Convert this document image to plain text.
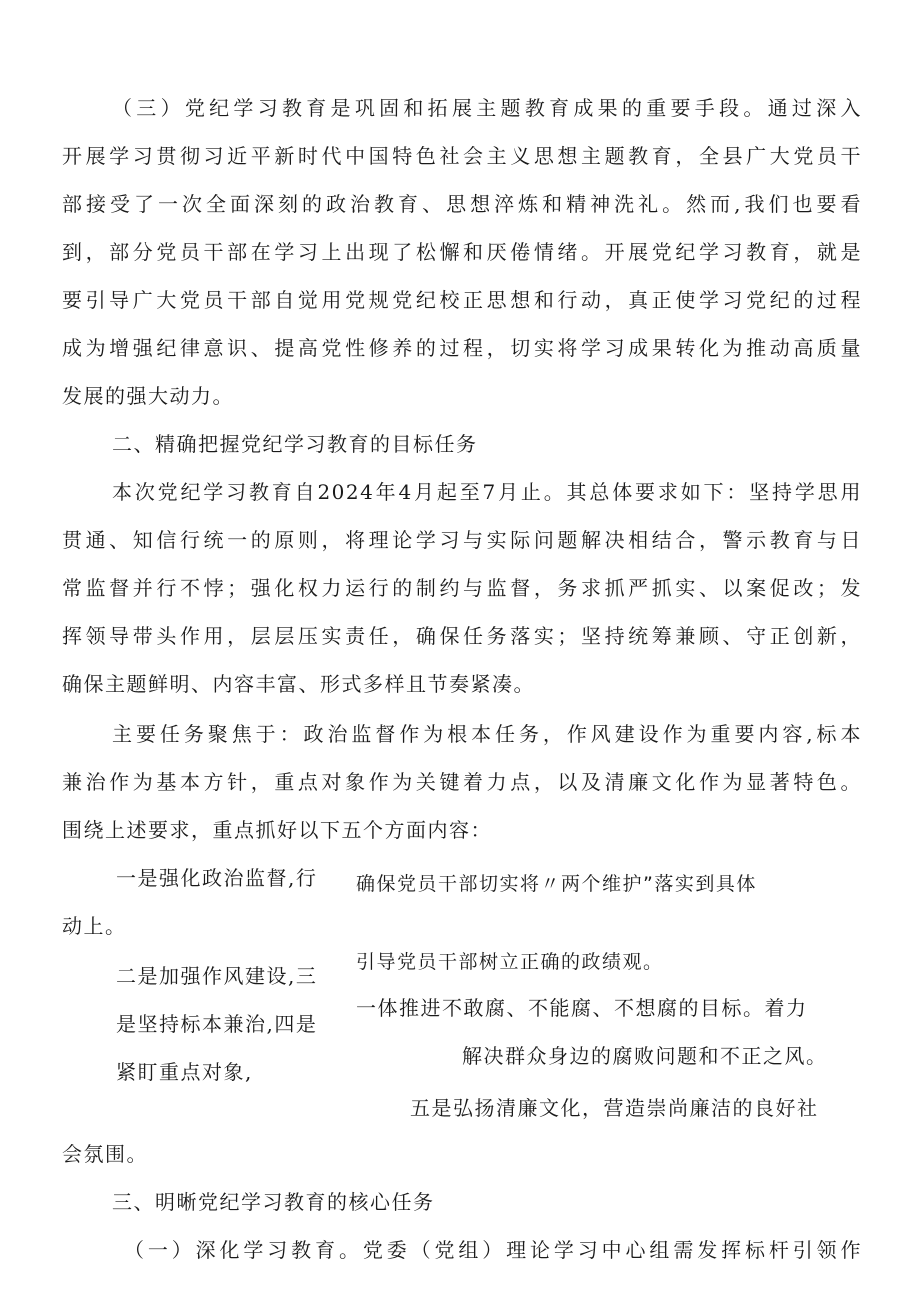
（三）党纪学习教育是巩固和拓展主题教育成果的重要手段。通过深入
开展学习贯彻习近平新时代中国特色社会主义思想主题教育，全县广大党员干
部接受了一次全面深刻的政治教育、思想淬炼和精神洗礼。然而,我们也要看
到，部分党员干部在学习上出现了松懈和厌倦情绪。开展党纪学习教育，就是
要引导广大党员干部自觉用党规党纪校正思想和行动，真正使学习党纪的过程
成为增强纪律意识、提高党性修养的过程，切实将学习成果转化为推动高质量
发展的强大动力。
二、精确把握党纪学习教育的目标任务
本次党纪学习教育自2024年4月起至7月止。其总体要求如下：坚持学思用
贯通、知信行统一的原则，将理论学习与实际问题解决相结合，警示教育与日
常监督并行不悖；强化权力运行的制约与监督，务求抓严抓实、以案促改；发
挥领导带头作用，层层压实责任，确保任务落实；坚持统筹兼顾、守正创新，
确保主题鲜明、内容丰富、形式多样且节奏紧凑。
主要任务聚焦于：政治监督作为根本任务，作风建设作为重要内容,标本
兼治作为基本方针，重点对象作为关键着力点，以及清廉文化作为显著特色。
围绕上述要求，重点抓好以下五个方面内容：
一是强化政治监督,行 确保党员干部切实将〃两个维护”落实到具体
动上。
二是加强作风建设,三
引导党员干部树立正确的政绩观。
是坚持标本兼治,四是
一体推进不敢腐、不能腐、不想腐的目标。着力
紧盯重点对象,
解决群众身边的腐败问题和不正之风。
五是弘扬清廉文化，营造崇尚廉洁的良好社
会氛围。
三、明晰党纪学习教育的核心任务
（一）深化学习教育。党委（党组）理论学习中心组需发挥标杆引领作
